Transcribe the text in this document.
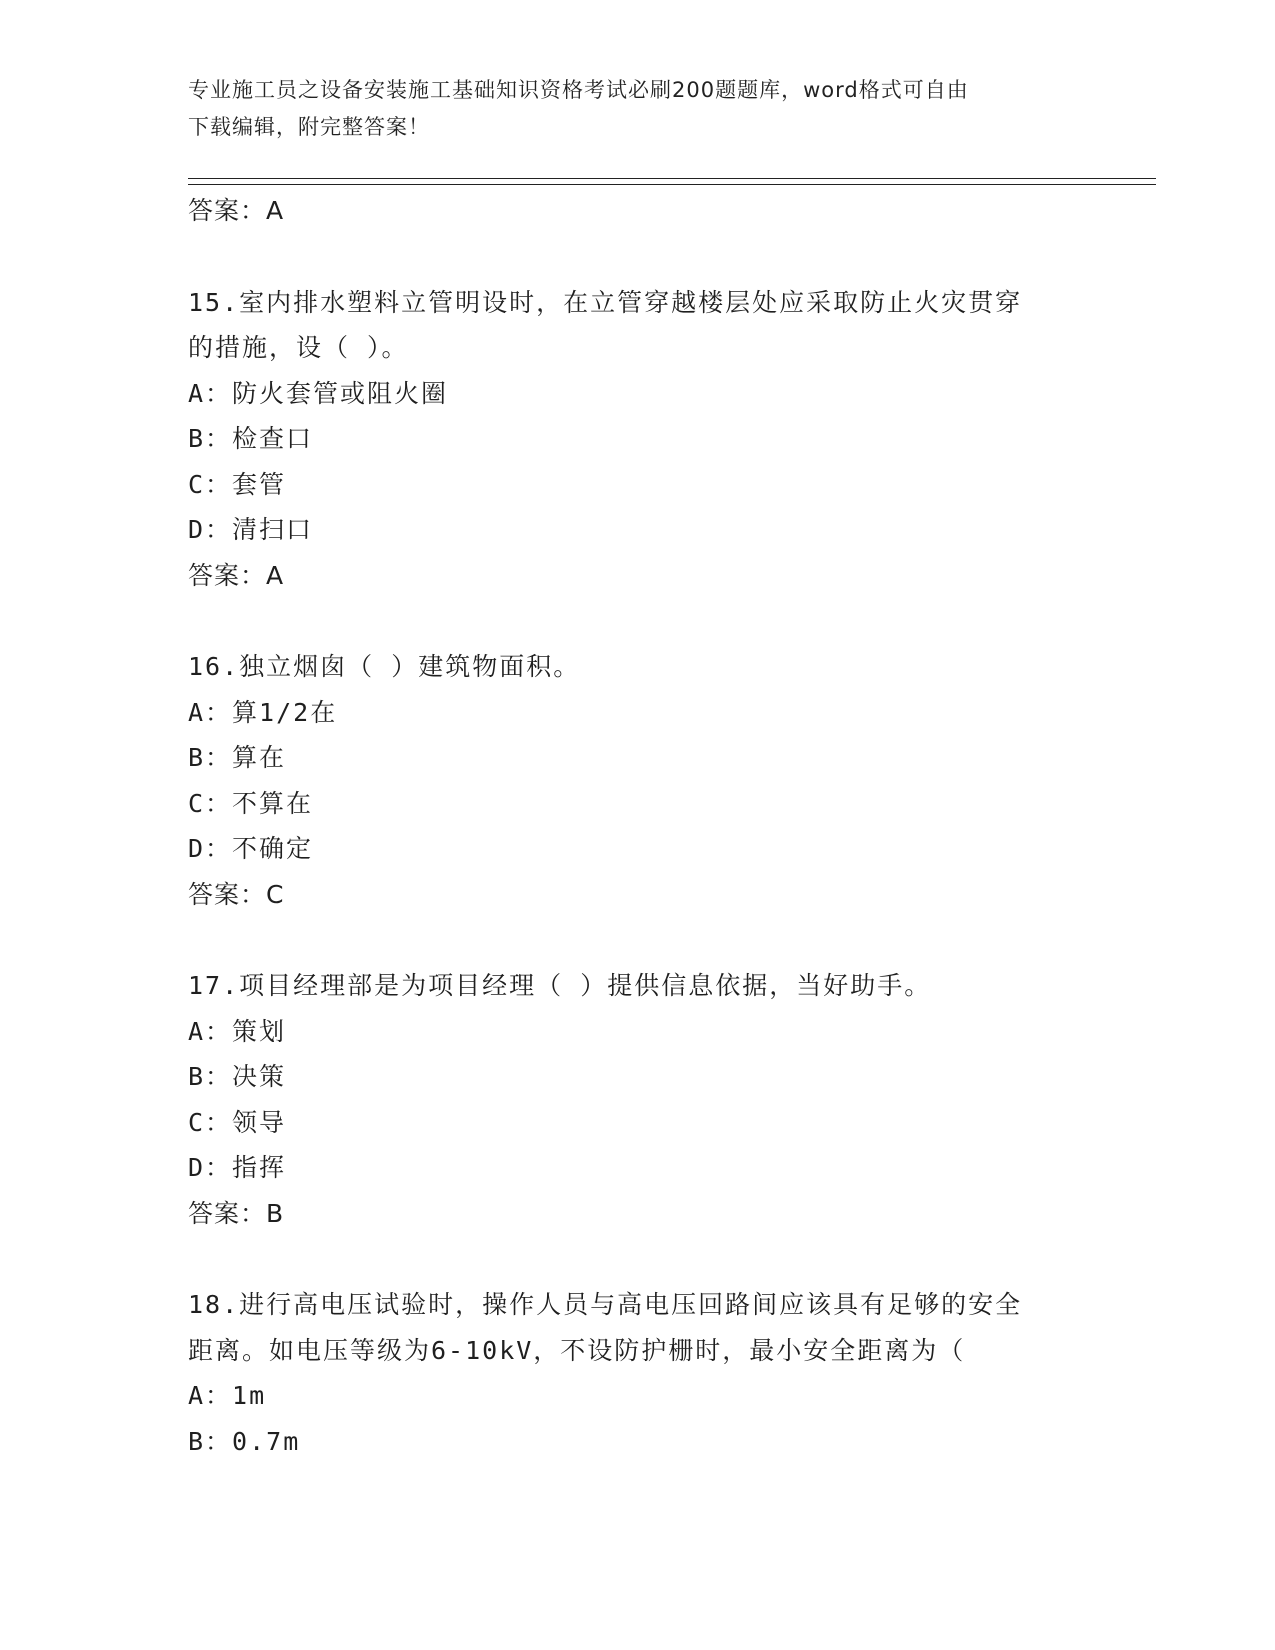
专业施工员之设备安装施工基础知识资格考试必刷200题题库，word格式可自由
下载编辑，附完整答案！
答案：A
15.室内排水塑料立管明设时，在立管穿越楼层处应采取防止火灾贯穿
的措施，设（ ）。
A：防火套管或阻火圈
B：检查口
C：套管
D：清扫口
答案：A
16.独立烟囱（ ）建筑物面积。
A：算1/2在
B：算在
C：不算在
D：不确定
答案：C
17.项目经理部是为项目经理（ ）提供信息依据，当好助手。
A：策划
B：决策
C：领导
D：指挥
答案：B
18.进行高电压试验时，操作人员与高电压回路间应该具有足够的安全
距离。如电压等级为6-10kV，不设防护栅时，最小安全距离为（
A：1m
B：0.7m
